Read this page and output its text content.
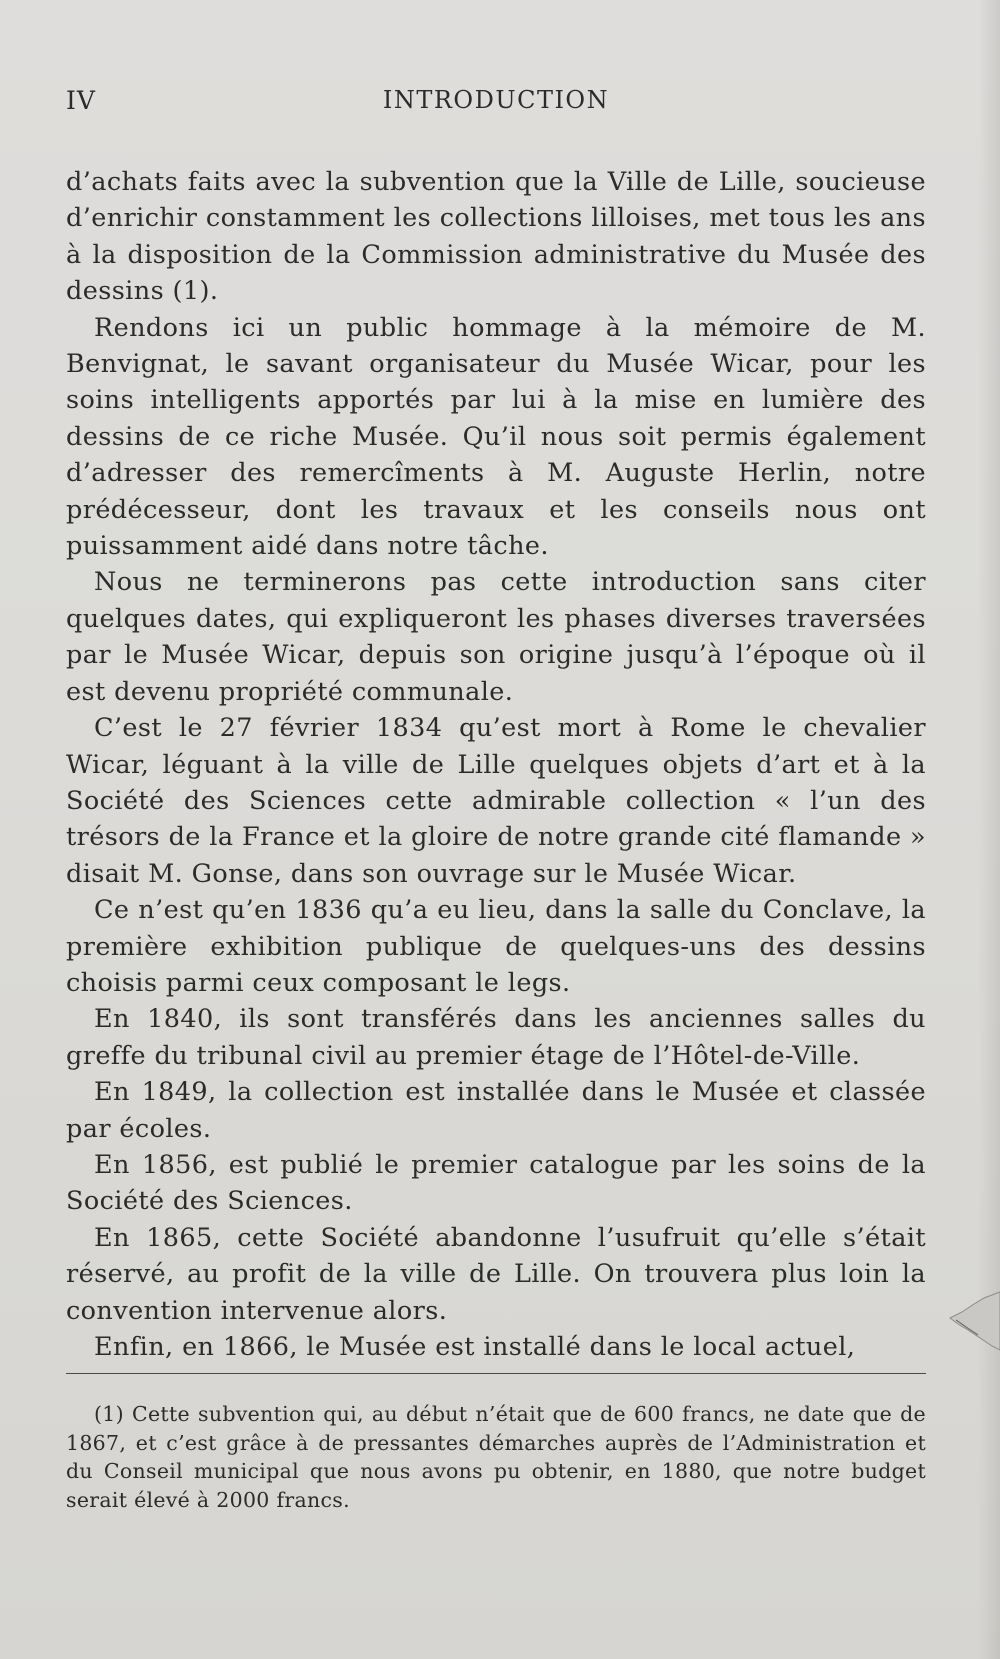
IV	INTRODUCTION

d’achats faits avec la subvention que la Ville de Lille, soucieuse d’enrichir constamment les collections lilloises, met tous les ans à la disposition de la Commission administrative du Musée des dessins (1).

Rendons ici un public hommage à la mémoire de M. Benvignat, le savant organisateur du Musée Wicar, pour les soins intelligents apportés par lui à la mise en lumière des dessins de ce riche Musée. Qu’il nous soit permis également d’adresser des remercîments à M. Auguste Herlin, notre prédécesseur, dont les travaux et les conseils nous ont puissamment aidé dans notre tâche.

Nous ne terminerons pas cette introduction sans citer quelques dates, qui expliqueront les phases diverses traversées par le Musée Wicar, depuis son origine jusqu’à l’époque où il est devenu propriété communale.

C’est le 27 février 1834 qu’est mort à Rome le chevalier Wicar, léguant à la ville de Lille quelques objets d’art et à la Société des Sciences cette admirable collection « l’un des trésors de la France et la gloire de notre grande cité flamande » disait M. Gonse, dans son ouvrage sur le Musée Wicar.

Ce n’est qu’en 1836 qu’a eu lieu, dans la salle du Conclave, la première exhibition publique de quelques-uns des dessins choisis parmi ceux composant le legs.

En 1840, ils sont transférés dans les anciennes salles du greffe du tribunal civil au premier étage de l’Hôtel-de-Ville.

En 1849, la collection est installée dans le Musée et classée par écoles.

En 1856, est publié le premier catalogue par les soins de la Société des Sciences.

En 1865, cette Société abandonne l’usufruit qu’elle s’était réservé, au profit de la ville de Lille. On trouvera plus loin la convention intervenue alors.

Enfin, en 1866, le Musée est installé dans le local actuel,

(1) Cette subvention qui, au début n’était que de 600 francs, ne date que de 1867, et c’est grâce à de pressantes démarches auprès de l’Administration et du Conseil municipal que nous avons pu obtenir, en 1880, que notre budget serait élevé à 2000 francs.
